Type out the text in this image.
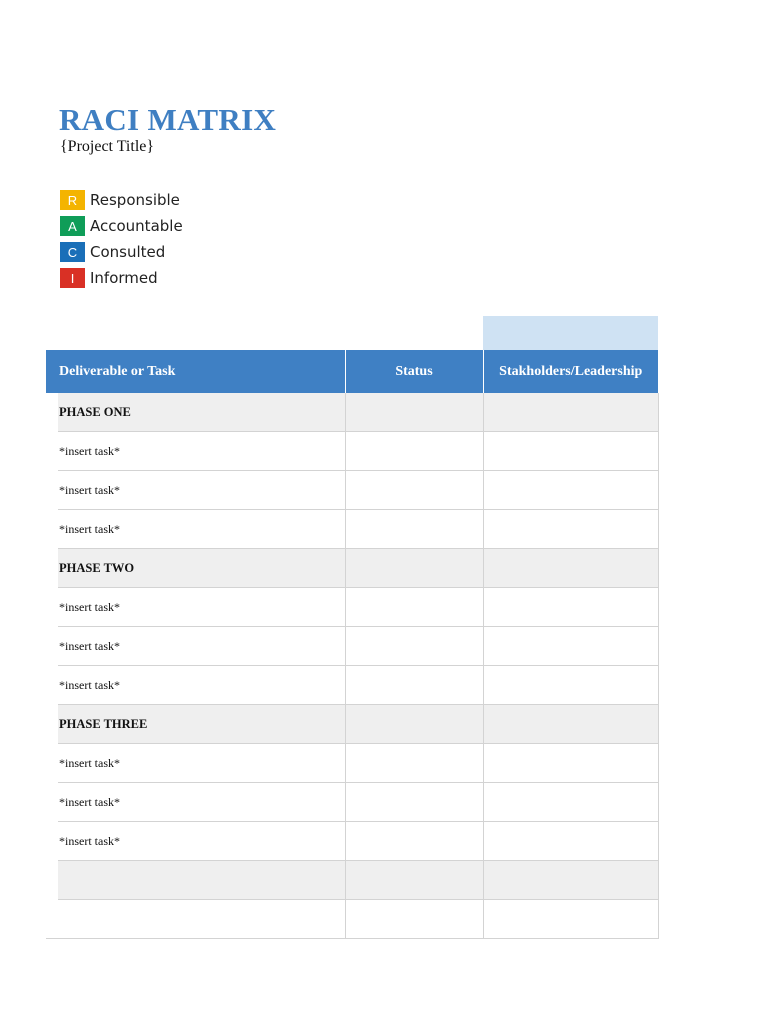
RACI MATRIX
{Project Title}
R Responsible
A Accountable
C Consulted
I	Informed
Deliverable or Task	Status	Stakholders/Leadership
PHASE ONE		
*insert task*		
*insert task*		
*insert task*		
PHASE TWO		
*insert task*		
*insert task*		
*insert task*		
PHASE THREE		
*insert task*		
*insert task*		
*insert task*		
